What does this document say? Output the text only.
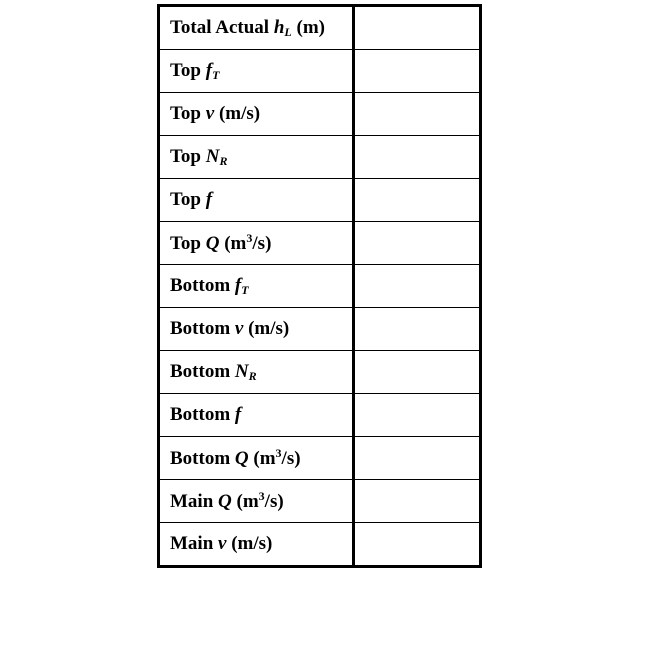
Total Actual $h_L$ (m)	
Top $f_T$	
Top v (m/s)	
Top $N_R$	
Top f	
Top Q $(m^3/s)$	
Bottom $f_T$	
Bottom v (m/s)	
Bottom $N_R$	
Bottom f	
Bottom Q $(m^3/s)$	
Main Q $(m^3/s)$	
Main v (m/s)	
